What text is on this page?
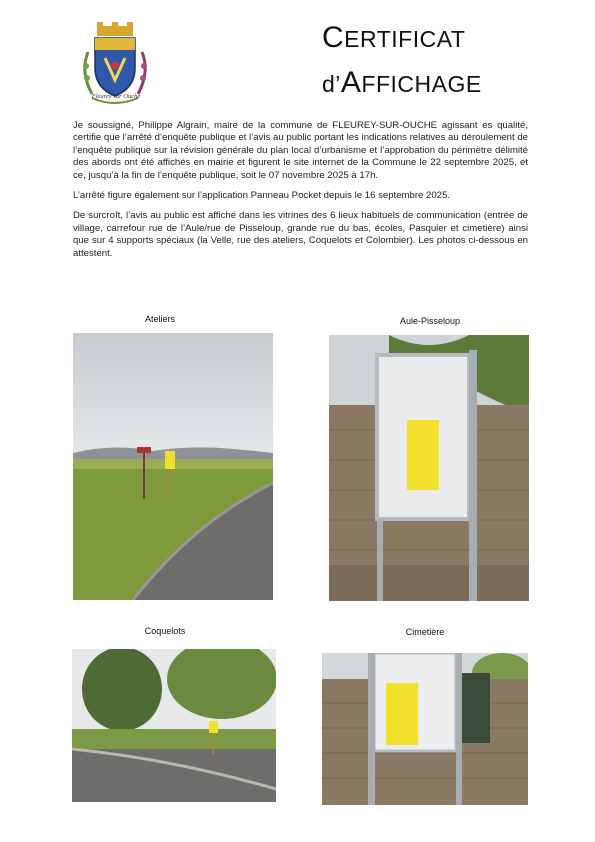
Fleurey sur Ouche
CERTIFICAT
d’AFFICHAGE

Je soussigné, Philippe Algrain, maire de la commune de FLEUREY-SUR-OUCHE agissant es qualité, certifie que l’arrêté d’enquête publique et l’avis au public portant les indications relatives au déroulement de l’enquête publique sur la révision générale du plan local d’urbanisme et l’approbation du périmètre délimité des abords ont été affichés en mairie et figurent le site internet de la Commune le 22 septembre 2025, et ce, jusqu’à la fin de l’enquête publique, soit le 07 novembre 2025 à 17h.

L’arrêté figure également sur l’application Panneau Pocket depuis le 16 septembre 2025.

De surcroît, l’avis au public est affiché dans les vitrines des 6 lieux habituels de communication (entrée de village, carrefour rue de l’Aule/rue de Pisseloup, grande rue du bas, écoles, Pasquier et cimetière) ainsi que sur 4 supports spéciaux (la Velle, rue des ateliers, Coquelots et Colombier). Les photos ci-dessous en attestent.

Ateliers	Aule-Pisseloup
Coquelots	Cimetière
